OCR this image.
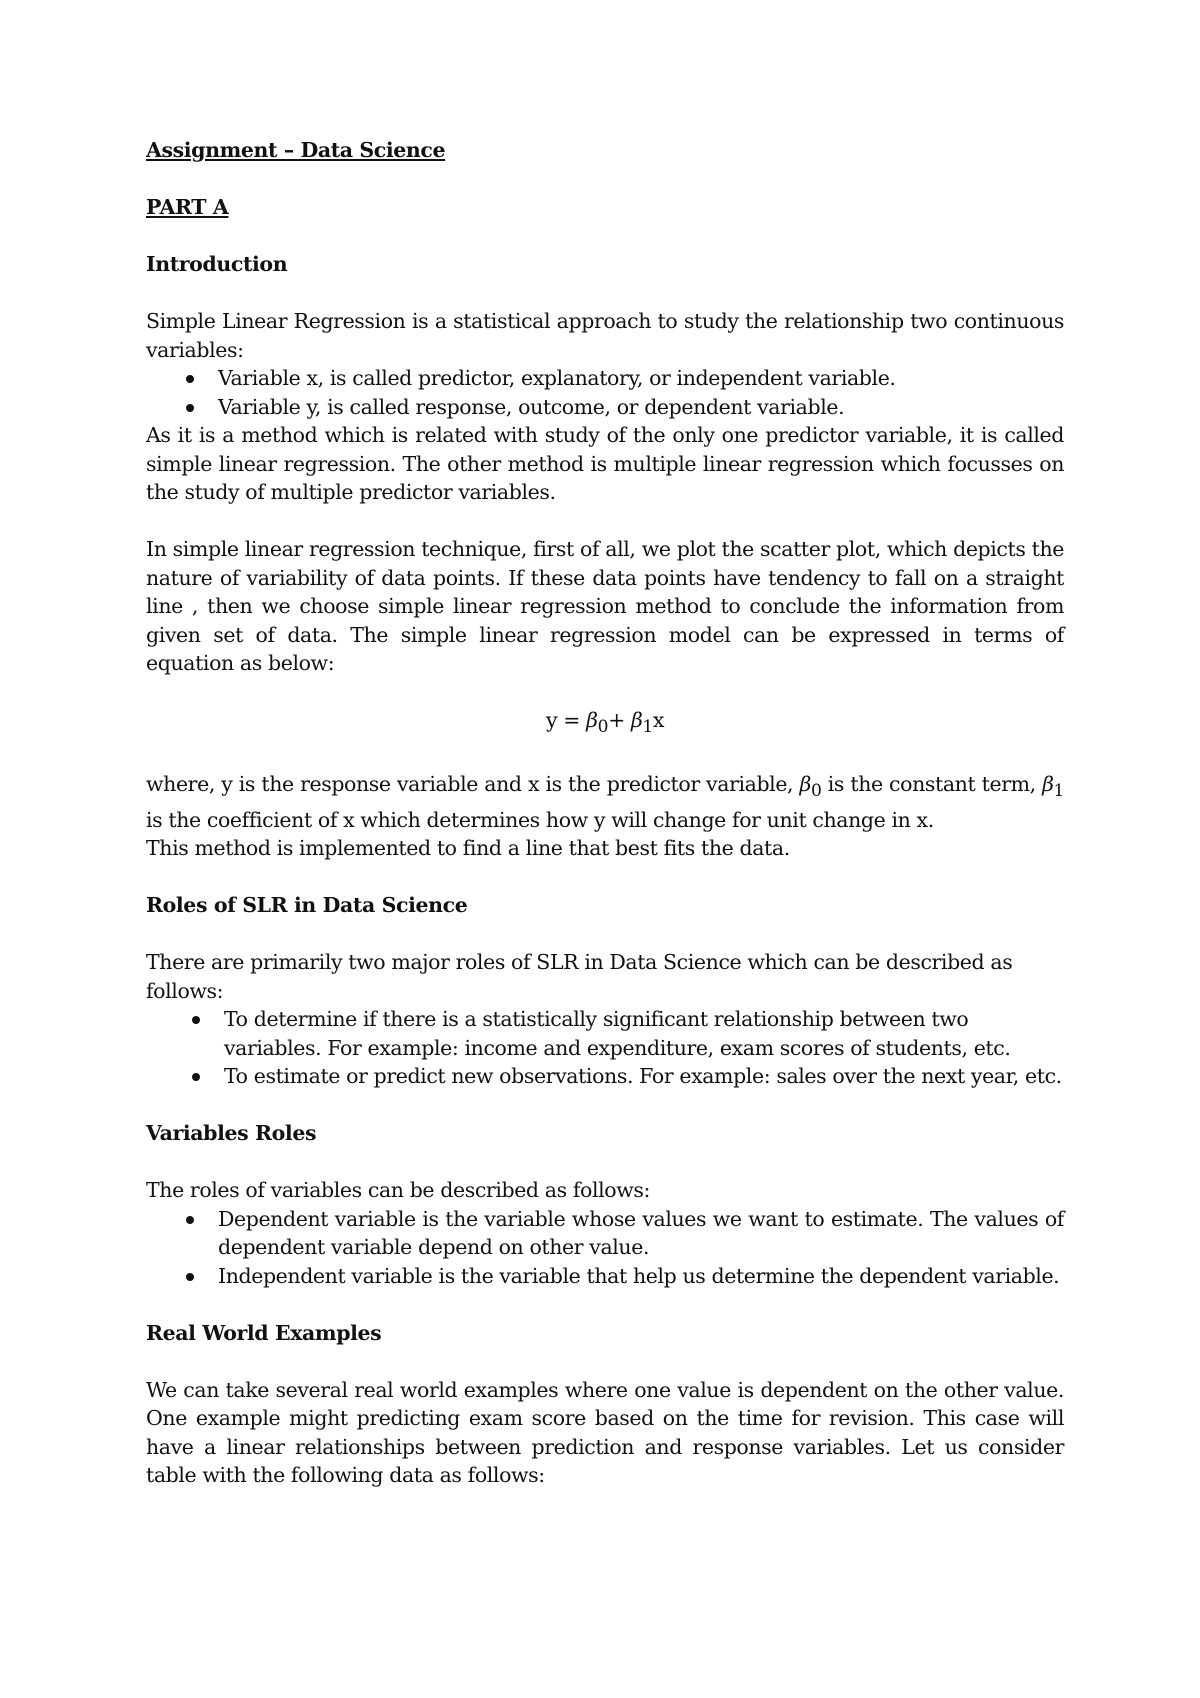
Assignment – Data Science

PART A

Introduction

Simple Linear Regression is a statistical approach to study the relationship two continuous variables:

Variable x, is called predictor, explanatory, or independent variable.
Variable y, is called response, outcome, or dependent variable.

As it is a method which is related with study of the only one predictor variable, it is called simple linear regression. The other method is multiple linear regression which focusses on the study of multiple predictor variables.

In simple linear regression technique, first of all, we plot the scatter plot, which depicts the nature of variability of data points. If these data points have tendency to fall on a straight line , then we choose simple linear regression method to conclude the information from given set of data. The simple linear regression model can be expressed in terms of equation as below:

$y = \beta_0+ \beta_1x$

where, y is the response variable and x is the predictor variable, $\beta_0$ is the constant term, $\beta_1$ is the coefficient of x which determines how y will change for unit change in x.

This method is implemented to find a line that best fits the data.

Roles of SLR in Data Science

There are primarily two major roles of SLR in Data Science which can be described as follows:

To determine if there is a statistically significant relationship between two variables. For example: income and expenditure, exam scores of students, etc.
To estimate or predict new observations. For example: sales over the next year, etc.

Variables Roles

The roles of variables can be described as follows:

Dependent variable is the variable whose values we want to estimate. The values of dependent variable depend on other value.
Independent variable is the variable that help us determine the dependent variable.

Real World Examples

We can take several real world examples where one value is dependent on the other value. One example might predicting exam score based on the time for revision. This case will have a linear relationships between prediction and response variables. Let us consider table with the following data as follows:
